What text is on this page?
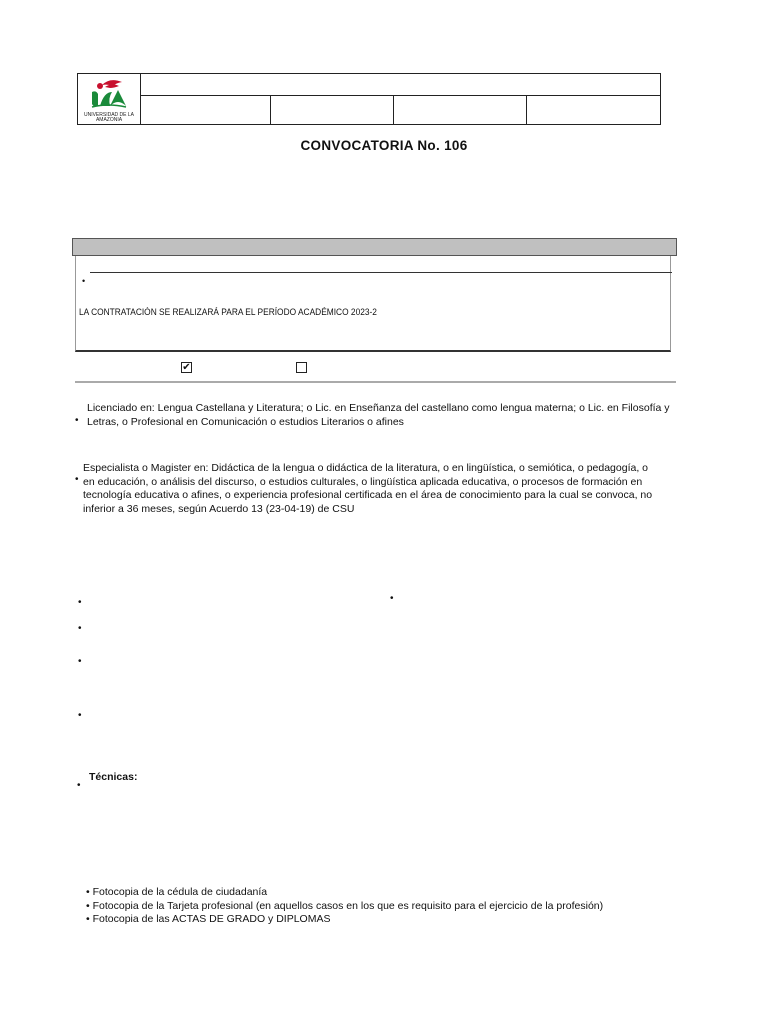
UNIVERSIDAD DE LA AMAZONIA
CONVOCATORIA No. 106
•
LA CONTRATACIÓN SE REALIZARÁ PARA EL PERÍODO ACADÉMICO 2023-2
✔
•
Licenciado en: Lengua Castellana y Literatura; o Lic. en Enseñanza del castellano como lengua materna; o Lic. en Filosofía y Letras, o Profesional en Comunicación o estudios Literarios o afines
•
Especialista o Magister en: Didáctica de la lengua o didáctica de la literatura, o en lingüística, o semiótica, o pedagogía, o en educación, o análisis del discurso, o estudios culturales, o lingüística aplicada educativa, o procesos de formación en tecnología educativa o afines, o experiencia profesional certificada en el área de conocimiento para la cual se convoca, no inferior a 36 meses, según Acuerdo 13 (23-04-19) de CSU
•	•
•
•
•
•
Técnicas:
• Fotocopia de la cédula de ciudadanía
• Fotocopia de la Tarjeta profesional (en aquellos casos en los que es requisito para el ejercicio de la profesión)
• Fotocopia de las ACTAS DE GRADO y DIPLOMAS
